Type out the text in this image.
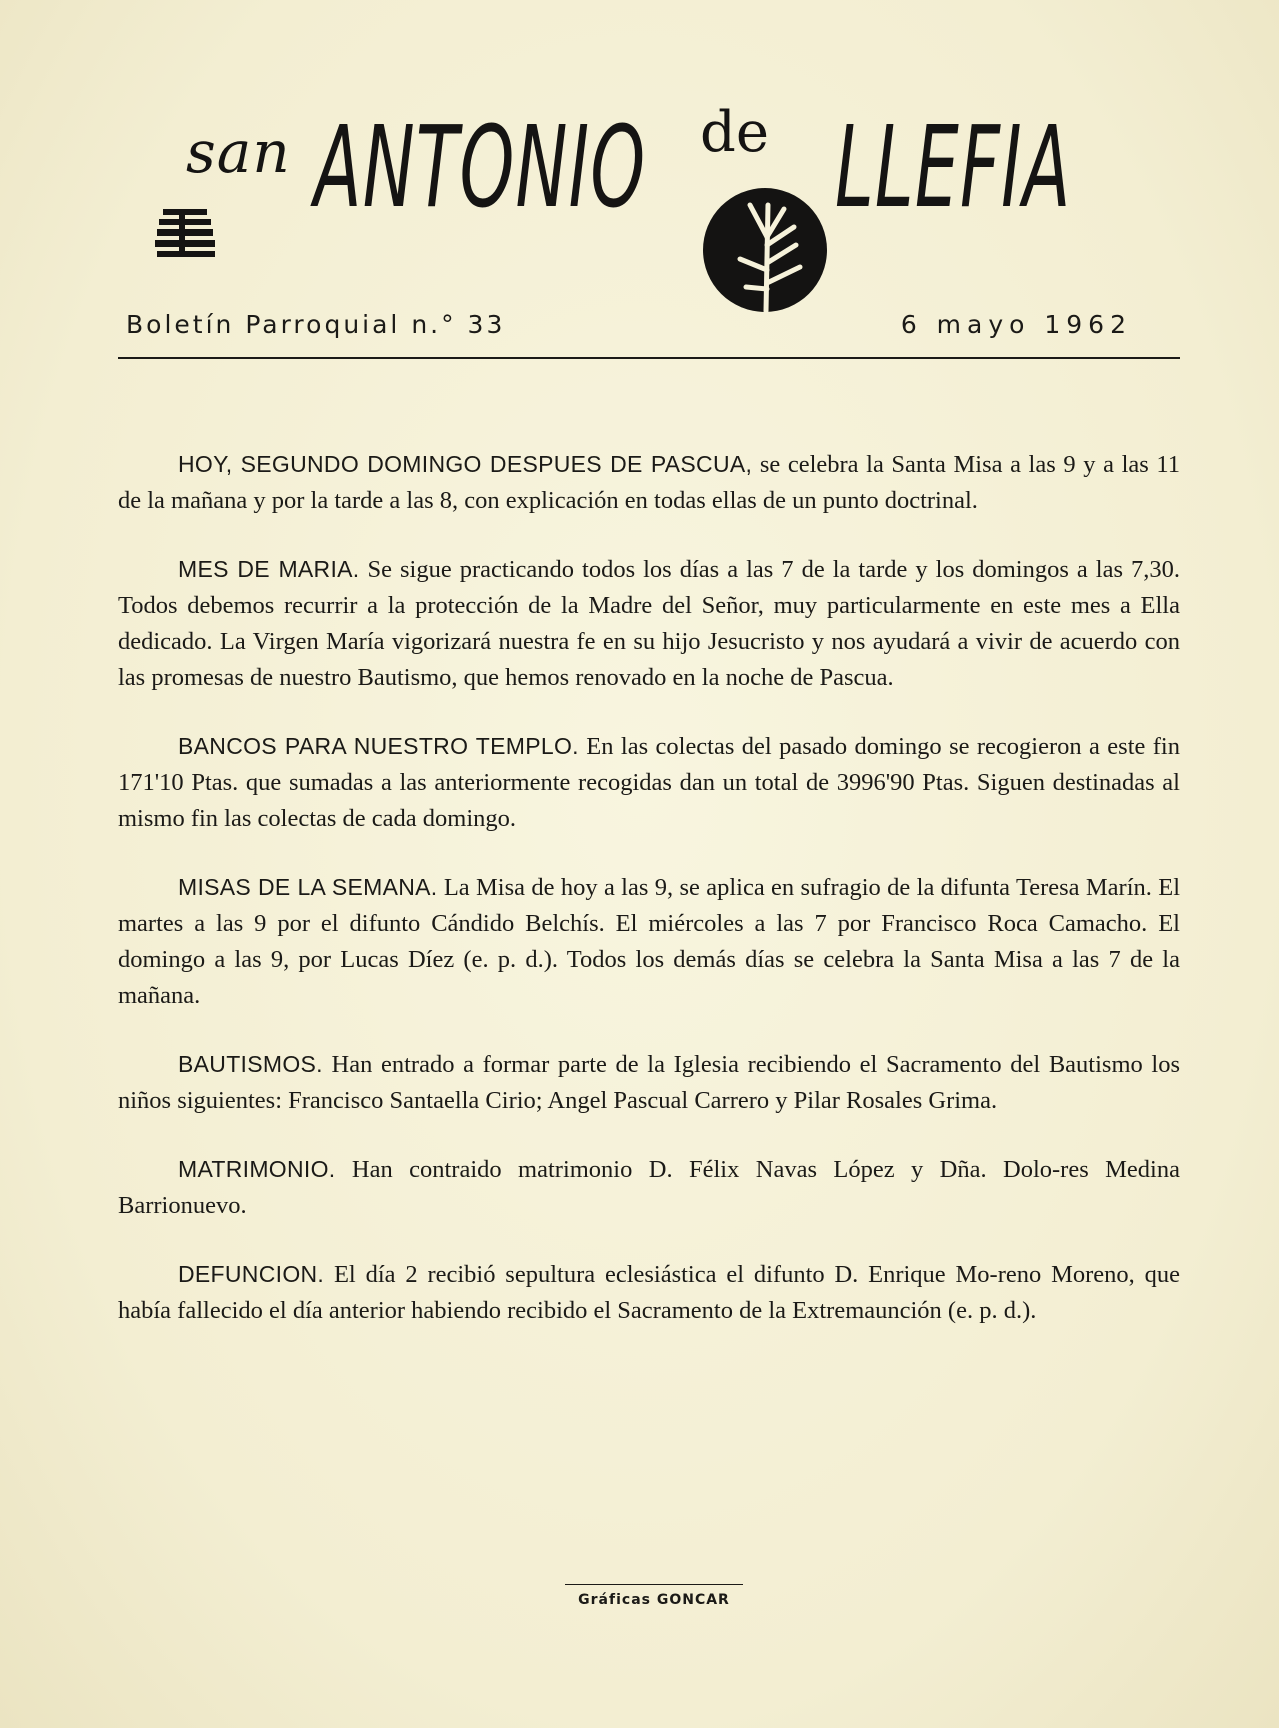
san ANTONIO de LLEFIA
Boletín Parroquial n.° 33	6 mayo 1962

HOY, SEGUNDO DOMINGO DESPUES DE PASCUA, se celebra la Santa Misa a las 9 y a las 11 de la mañana y por la tarde a las 8, con explicación en todas ellas de un punto doctrinal.

MES DE MARIA. Se sigue practicando todos los días a las 7 de la tarde y los domingos a las 7,30. Todos debemos recurrir a la protección de la Madre del Señor, muy particularmente en este mes a Ella dedicado. La Virgen María vigorizará nuestra fe en su hijo Jesucristo y nos ayudará a vivir de acuerdo con las promesas de nuestro Bautismo, que hemos renovado en la noche de Pascua.

BANCOS PARA NUESTRO TEMPLO. En las colectas del pasado domingo se recogieron a este fin 171'10 Ptas. que sumadas a las anteriormente recogidas dan un total de 3996'90 Ptas. Siguen destinadas al mismo fin las colectas de cada domingo.

MISAS DE LA SEMANA. La Misa de hoy a las 9, se aplica en sufragio de la difunta Teresa Marín. El martes a las 9 por el difunto Cándido Belchís. El miércoles a las 7 por Francisco Roca Camacho. El domingo a las 9, por Lucas Díez (e. p. d.). Todos los demás días se celebra la Santa Misa a las 7 de la mañana.

BAUTISMOS. Han entrado a formar parte de la Iglesia recibiendo el Sacramento del Bautismo los niños siguientes: Francisco Santaella Cirio; Angel Pascual Carrero y Pilar Rosales Grima.

MATRIMONIO. Han contraido matrimonio D. Félix Navas López y Dña. Dolo-res Medina Barrionuevo.

DEFUNCION. El día 2 recibió sepultura eclesiástica el difunto D. Enrique Mo-reno Moreno, que había fallecido el día anterior habiendo recibido el Sacramento de la Extremaunción (e. p. d.).

Gráficas GONCAR
